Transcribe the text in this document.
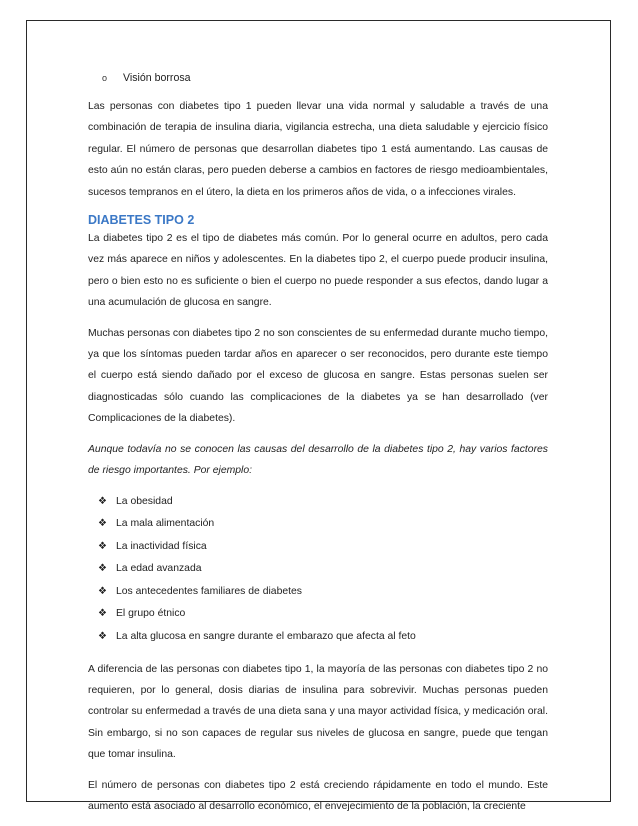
o	Visión borrosa

Las personas con diabetes tipo 1 pueden llevar una vida normal y saludable a través de una combinación de terapia de insulina diaria, vigilancia estrecha, una dieta saludable y ejercicio físico regular. El número de personas que desarrollan diabetes tipo 1 está aumentando. Las causas de esto aún no están claras, pero pueden deberse a cambios en factores de riesgo medioambientales, sucesos tempranos en el útero, la dieta en los primeros años de vida, o a infecciones virales.

DIABETES TIPO 2

La diabetes tipo 2 es el tipo de diabetes más común. Por lo general ocurre en adultos, pero cada vez más aparece en niños y adolescentes. En la diabetes tipo 2, el cuerpo puede producir insulina, pero o bien esto no es suficiente o bien el cuerpo no puede responder a sus efectos, dando lugar a una acumulación de glucosa en sangre.

Muchas personas con diabetes tipo 2 no son conscientes de su enfermedad durante mucho tiempo, ya que los síntomas pueden tardar años en aparecer o ser reconocidos, pero durante este tiempo el cuerpo está siendo dañado por el exceso de glucosa en sangre. Estas personas suelen ser diagnosticadas sólo cuando las complicaciones de la diabetes ya se han desarrollado (ver Complicaciones de la diabetes).

Aunque todavía no se conocen las causas del desarrollo de la diabetes tipo 2, hay varios factores de riesgo importantes. Por ejemplo:

❖ La obesidad
❖ La mala alimentación
❖ La inactividad física
❖ La edad avanzada
❖ Los antecedentes familiares de diabetes
❖ El grupo étnico
❖ La alta glucosa en sangre durante el embarazo que afecta al feto

A diferencia de las personas con diabetes tipo 1, la mayoría de las personas con diabetes tipo 2 no requieren, por lo general, dosis diarias de insulina para sobrevivir. Muchas personas pueden controlar su enfermedad a través de una dieta sana y una mayor actividad física, y medicación oral. Sin embargo, si no son capaces de regular sus niveles de glucosa en sangre, puede que tengan que tomar insulina.

El número de personas con diabetes tipo 2 está creciendo rápidamente en todo el mundo. Este aumento está asociado al desarrollo económico, el envejecimiento de la población, la creciente
